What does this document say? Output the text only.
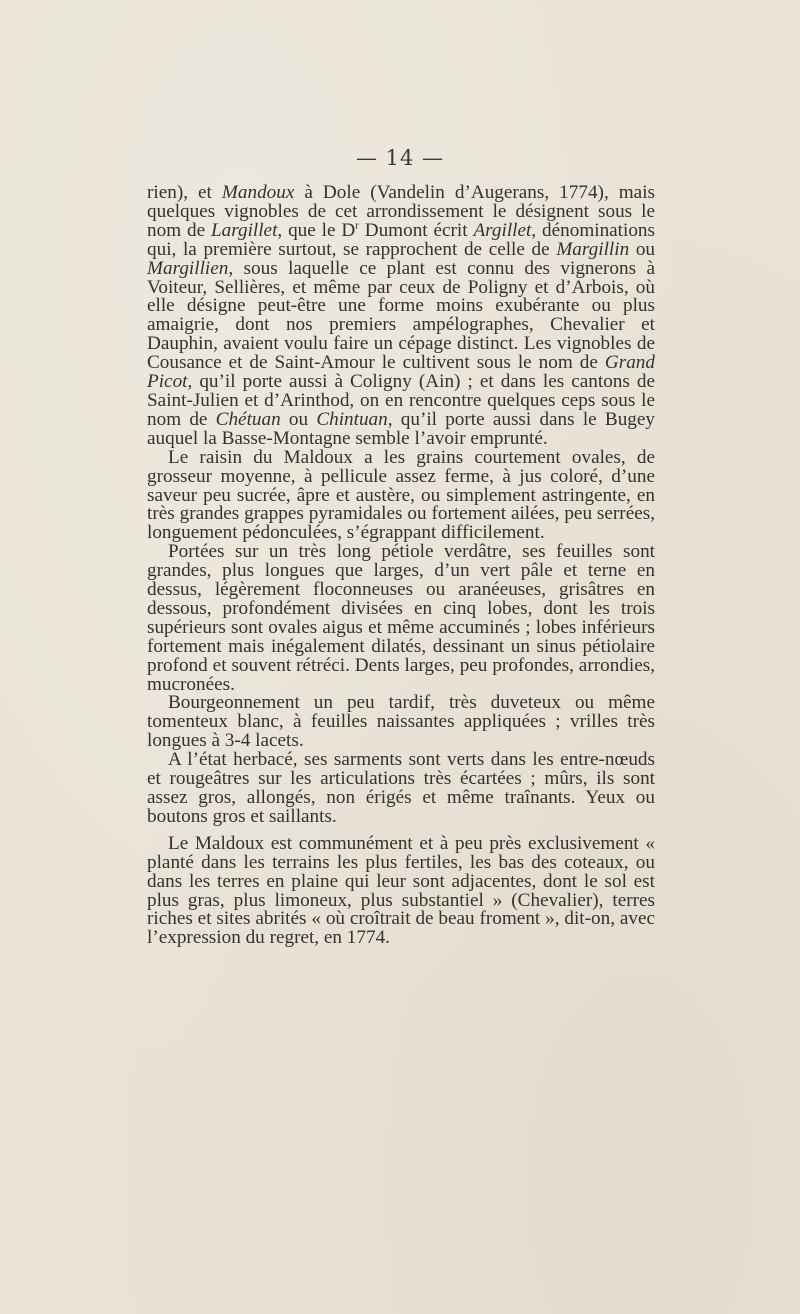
— 14 —

rien), et Mandoux à Dole (Vandelin d’Augerans, 1774), mais quelques vignobles de cet arrondissement le désignent sous le nom de Largillet, que le $D^r$ Dumont écrit Argillet, dénominations qui, la première surtout, se rapprochent de celle de Margillin ou Margillien, sous laquelle ce plant est connu des vignerons à Voiteur, Sellières, et même par ceux de Poligny et d’Arbois, où elle désigne peut-être une forme moins exubérante ou plus amaigrie, dont nos premiers ampélographes, Chevalier et Dauphin, avaient voulu faire un cépage distinct. Les vignobles de Cousance et de Saint-Amour le cultivent sous le nom de Grand Picot, qu’il porte aussi à Coligny (Ain) ; et dans les cantons de Saint-Julien et d’Arinthod, on en rencontre quelques ceps sous le nom de Chétuan ou Chintuan, qu’il porte aussi dans le Bugey auquel la Basse-Montagne semble l’avoir emprunté.

Le raisin du Maldoux a les grains courtement ovales, de grosseur moyenne, à pellicule assez ferme, à jus coloré, d’une saveur peu sucrée, âpre et austère, ou simplement astringente, en très grandes grappes pyramidales ou fortement ailées, peu serrées, longuement pédonculées, s’égrappant difficilement.

Portées sur un très long pétiole verdâtre, ses feuilles sont grandes, plus longues que larges, d’un vert pâle et terne en dessus, légèrement floconneuses ou aranéeuses, grisâtres en dessous, profondément divisées en cinq lobes, dont les trois supérieurs sont ovales aigus et même accuminés ; lobes inférieurs fortement mais inégalement dilatés, dessinant un sinus pétiolaire profond et souvent rétréci. Dents larges, peu profondes, arrondies, mucronées.

Bourgeonnement un peu tardif, très duveteux ou même tomenteux blanc, à feuilles naissantes appliquées ; vrilles très longues à 3-4 lacets.

A l’état herbacé, ses sarments sont verts dans les entre-nœuds et rougeâtres sur les articulations très écartées ; mûrs, ils sont assez gros, allongés, non érigés et même traînants. Yeux ou boutons gros et saillants.

Le Maldoux est communément et à peu près exclusivement « planté dans les terrains les plus fertiles, les bas des coteaux, ou dans les terres en plaine qui leur sont adjacentes, dont le sol est plus gras, plus limoneux, plus substantiel » (Chevalier), terres riches et sites abrités « où croîtrait de beau froment », dit-on, avec l’expression du regret, en 1774.
